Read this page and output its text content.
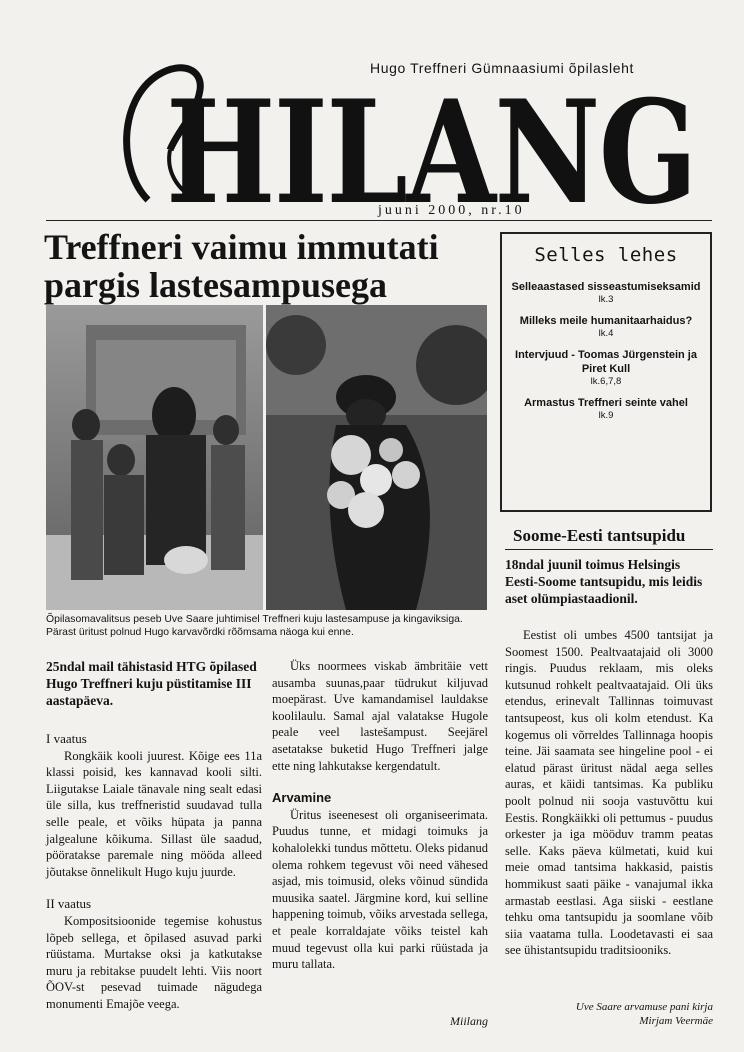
Hugo Treffneri Gümnaasiumi õpilasleht
HILANG
juuni 2000, nr.10
Treffneri vaimu immutati pargis lastesampusega
Õpilasomavalitsus peseb Uve Saare juhtimisel Treffneri kuju lastesampuse ja kingaviksiga. Pärast üritust polnud Hugo karvavõrdki rõõmsama näoga kui enne.
Selles lehes
Selleaastased sisseastumiseksamid
lk.3
Milleks meile humanitaarhaidus?
lk.4
Intervjuud - Toomas Jürgenstein ja Piret Kull
lk.6,7,8
Armastus Treffneri seinte vahel
lk.9
25ndal mail tähistasid HTG õpilased Hugo Treffneri kuju püstitamise III aastapäeva.
I vaatus

Rongkäik kooli juurest. Kõige ees 11a klassi poisid, kes kannavad kooli silti. Liigutakse Laiale tänavale ning sealt edasi üle silla, kus treffneristid suudavad tulla selle peale, et võiks hüpata ja panna jalgealune kõikuma. Sillast üle saadud, pööratakse paremale ning mööda alleed jõutakse õnnelikult Hugo kuju juurde.

II vaatus

Kompositsioonide tegemise kohustus lõpeb sellega, et õpilased asuvad parki rüüstama. Murtakse oksi ja katkutakse muru ja rebitakse puudelt lehti. Viis noort ÕOV-st pesevad tuimade nägudega monumenti Emajõe veega.

Üks noormees viskab ämbritäie vett ausamba suunas,paar tüdrukut kiljuvad moepärast. Uve kamandamisel lauldakse koolilaulu. Samal ajal valatakse Hugole peale veel lastešampust. Seejärel asetatakse buketid Hugo Treffneri jalge ette ning lahkutakse kergendatult.

Arvamine

Üritus iseenesest oli organiseerimata. Puudus tunne, et midagi toimuks ja kohalolekki tundus mõttetu. Oleks pidanud olema rohkem tegevust või need vähesed asjad, mis toimusid, oleks võinud sündida muusika saatel. Järgmine kord, kui selline happening toimub, võiks arvestada sellega, et peale korraldajate võiks teistel kah muud tegevust olla kui parki rüüstada ja muru tallata.

Miilang
Soome-Eesti tantsupidu
18ndal juunil toimus Helsingis Eesti-Soome tantsupidu, mis leidis aset olümpiastaadionil.

Eestist oli umbes 4500 tantsijat ja Soomest 1500. Pealtvaatajaid oli 3000 ringis. Puudus reklaam, mis oleks kutsunud rohkelt pealtvaatajaid. Oli üks etendus, erinevalt Tallinnas toimuvast tantsupeost, kus oli kolm etendust. Ka kogemus oli võrreldes Tallinnaga hoopis teine. Jäi saamata see hingeline pool - ei elatud pärast üritust nädal aega selles auras, et käidi tantsimas. Ka publiku poolt polnud nii sooja vastuvõttu kui Eestis. Rongkäikki oli pettumus - puudus orkester ja iga mööduv tramm peatas selle. Kaks päeva külmetati, kuid kui meie omad tantsima hakkasid, paistis hommikust saati päike - vanajumal ikka armastab eestlasi. Aga siiski - eestlane tehku oma tantsupidu ja soomlane võib siia vaatama tulla. Loodetavasti ei saa see ühistantsupidu traditsiooniks.

Uve Saare arvamuse pani kirja
Mirjam Veermäe
